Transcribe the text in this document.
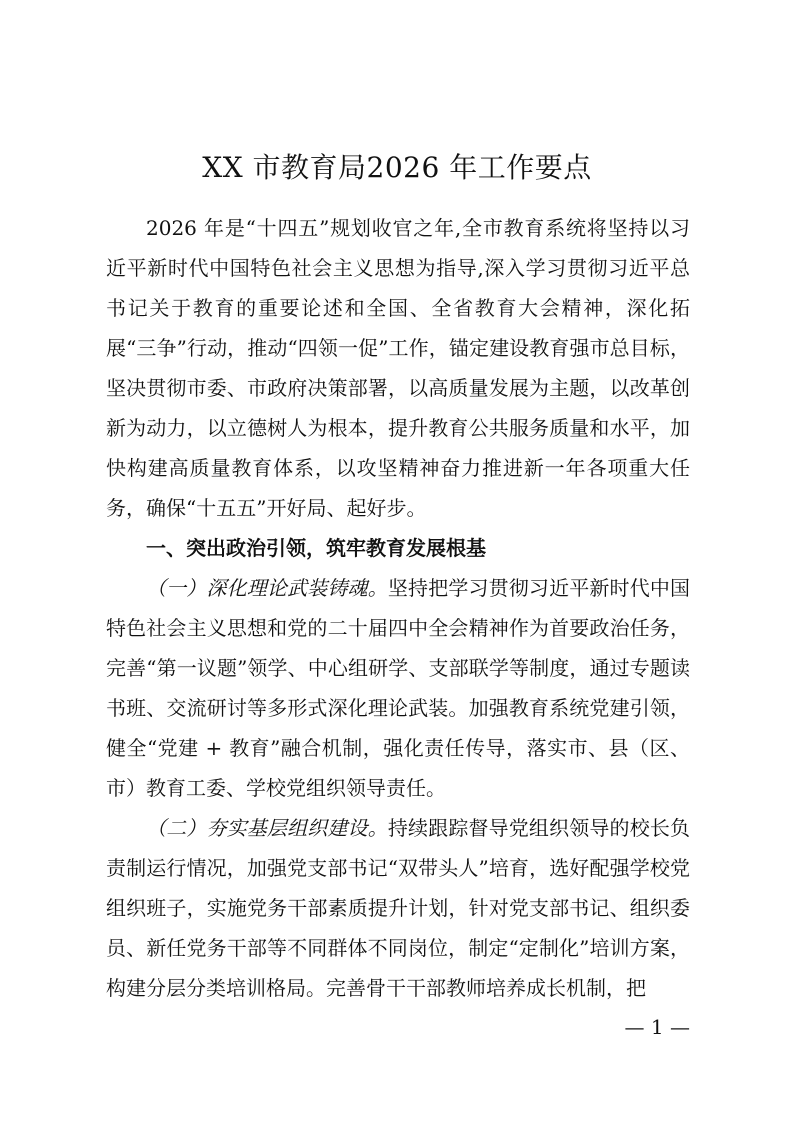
XX 市教育局2026 年工作要点

2026 年是“十四五”规划收官之年,全市教育系统将坚持以习近平新时代中国特色社会主义思想为指导,深入学习贯彻习近平总书记关于教育的重要论述和全国、全省教育大会精神，深化拓展“三争”行动，推动“四领一促”工作，锚定建设教育强市总目标，坚决贯彻市委、市政府决策部署，以高质量发展为主题，以改革创新为动力，以立德树人为根本，提升教育公共服务质量和水平，加快构建高质量教育体系，以攻坚精神奋力推进新一年各项重大任务，确保“十五五”开好局、起好步。

一、突出政治引领，筑牢教育发展根基

（一）深化理论武装铸魂。坚持把学习贯彻习近平新时代中国特色社会主义思想和党的二十届四中全会精神作为首要政治任务，完善“第一议题”领学、中心组研学、支部联学等制度，通过专题读书班、交流研讨等多形式深化理论武装。加强教育系统党建引领，健全“党建 + 教育”融合机制，强化责任传导，落实市、县（区、市）教育工委、学校党组织领导责任。

（二）夯实基层组织建设。持续跟踪督导党组织领导的校长负责制运行情况，加强党支部书记“双带头人”培育，选好配强学校党组织班子，实施党务干部素质提升计划，针对党支部书记、组织委员、新任党务干部等不同群体不同岗位，制定“定制化”培训方案，构建分层分类培训格局。完善骨干干部教师培养成长机制，把

— 1 —
